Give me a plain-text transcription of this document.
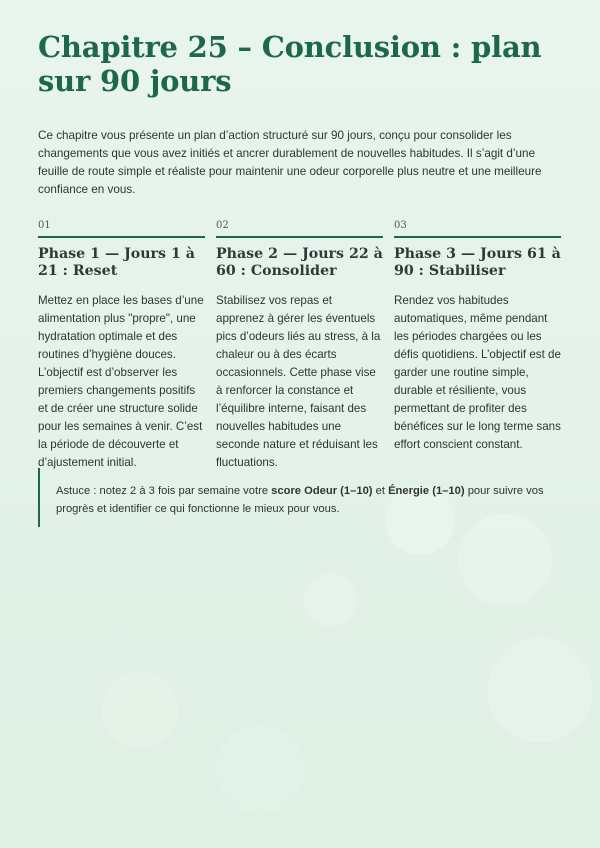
Chapitre 25 – Conclusion : plan sur 90 jours

Ce chapitre vous présente un plan d’action structuré sur 90 jours, conçu pour consolider les changements que vous avez initiés et ancrer durablement de nouvelles habitudes. Il s’agit d’une feuille de route simple et réaliste pour maintenir une odeur corporelle plus neutre et une meilleure confiance en vous.

01
Phase 1 — Jours 1 à 21 : Reset
Mettez en place les bases d’une alimentation plus "propre", une hydratation optimale et des routines d’hygiène douces. L’objectif est d’observer les premiers changements positifs et de créer une structure solide pour les semaines à venir. C’est la période de découverte et d’ajustement initial.
02
Phase 2 — Jours 22 à 60 : Consolider
Stabilisez vos repas et apprenez à gérer les éventuels pics d’odeurs liés au stress, à la chaleur ou à des écarts occasionnels. Cette phase vise à renforcer la constance et l’équilibre interne, faisant des nouvelles habitudes une seconde nature et réduisant les fluctuations.
03
Phase 3 — Jours 61 à 90 : Stabiliser
Rendez vos habitudes automatiques, même pendant les périodes chargées ou les défis quotidiens. L’objectif est de garder une routine simple, durable et résiliente, vous permettant de profiter des bénéfices sur le long terme sans effort conscient constant.
Astuce : notez 2 à 3 fois par semaine votre score Odeur (1–10) et Énergie (1–10) pour suivre vos progrès et identifier ce qui fonctionne le mieux pour vous.
